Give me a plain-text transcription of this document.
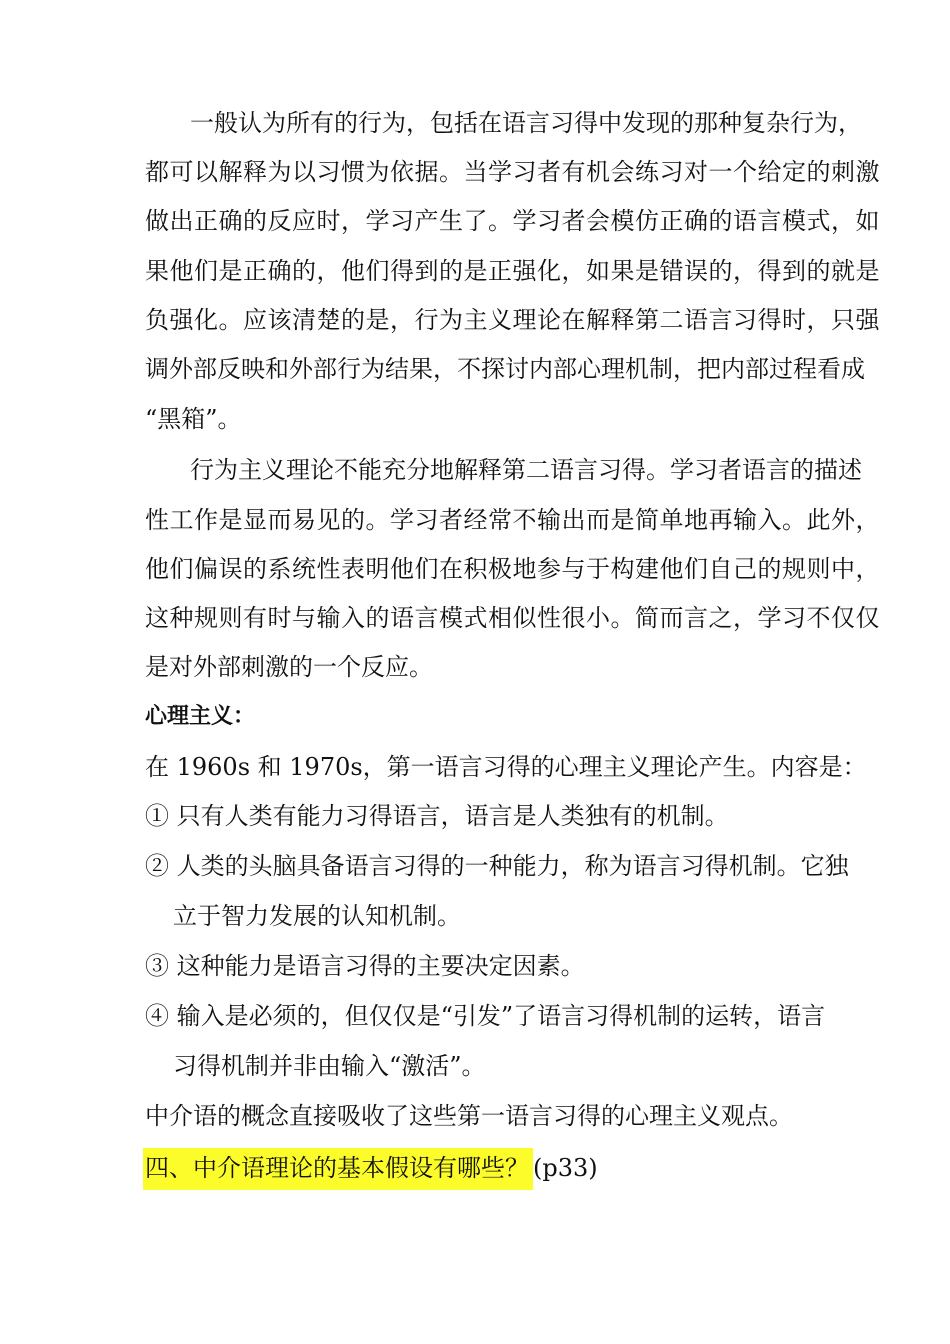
一般认为所有的行为，包括在语言习得中发现的那种复杂行为，
都可以解释为以习惯为依据。当学习者有机会练习对一个给定的刺激
做出正确的反应时，学习产生了。学习者会模仿正确的语言模式，如
果他们是正确的，他们得到的是正强化，如果是错误的，得到的就是
负强化。应该清楚的是，行为主义理论在解释第二语言习得时，只强
调外部反映和外部行为结果，不探讨内部心理机制，把内部过程看成
“黑箱”。
行为主义理论不能充分地解释第二语言习得。学习者语言的描述
性工作是显而易见的。学习者经常不输出而是简单地再输入。此外，
他们偏误的系统性表明他们在积极地参与于构建他们自己的规则中，
这种规则有时与输入的语言模式相似性很小。简而言之，学习不仅仅
是对外部刺激的一个反应。
心理主义：
在 1960s 和 1970s，第一语言习得的心理主义理论产生。内容是：
① 只有人类有能力习得语言，语言是人类独有的机制。
② 人类的头脑具备语言习得的一种能力，称为语言习得机制。它独
立于智力发展的认知机制。
③ 这种能力是语言习得的主要决定因素。
④ 输入是必须的，但仅仅是“引发”了语言习得机制的运转，语言
习得机制并非由输入“激活”。
中介语的概念直接吸收了这些第一语言习得的心理主义观点。
四、中介语理论的基本假设有哪些？ (p33)
